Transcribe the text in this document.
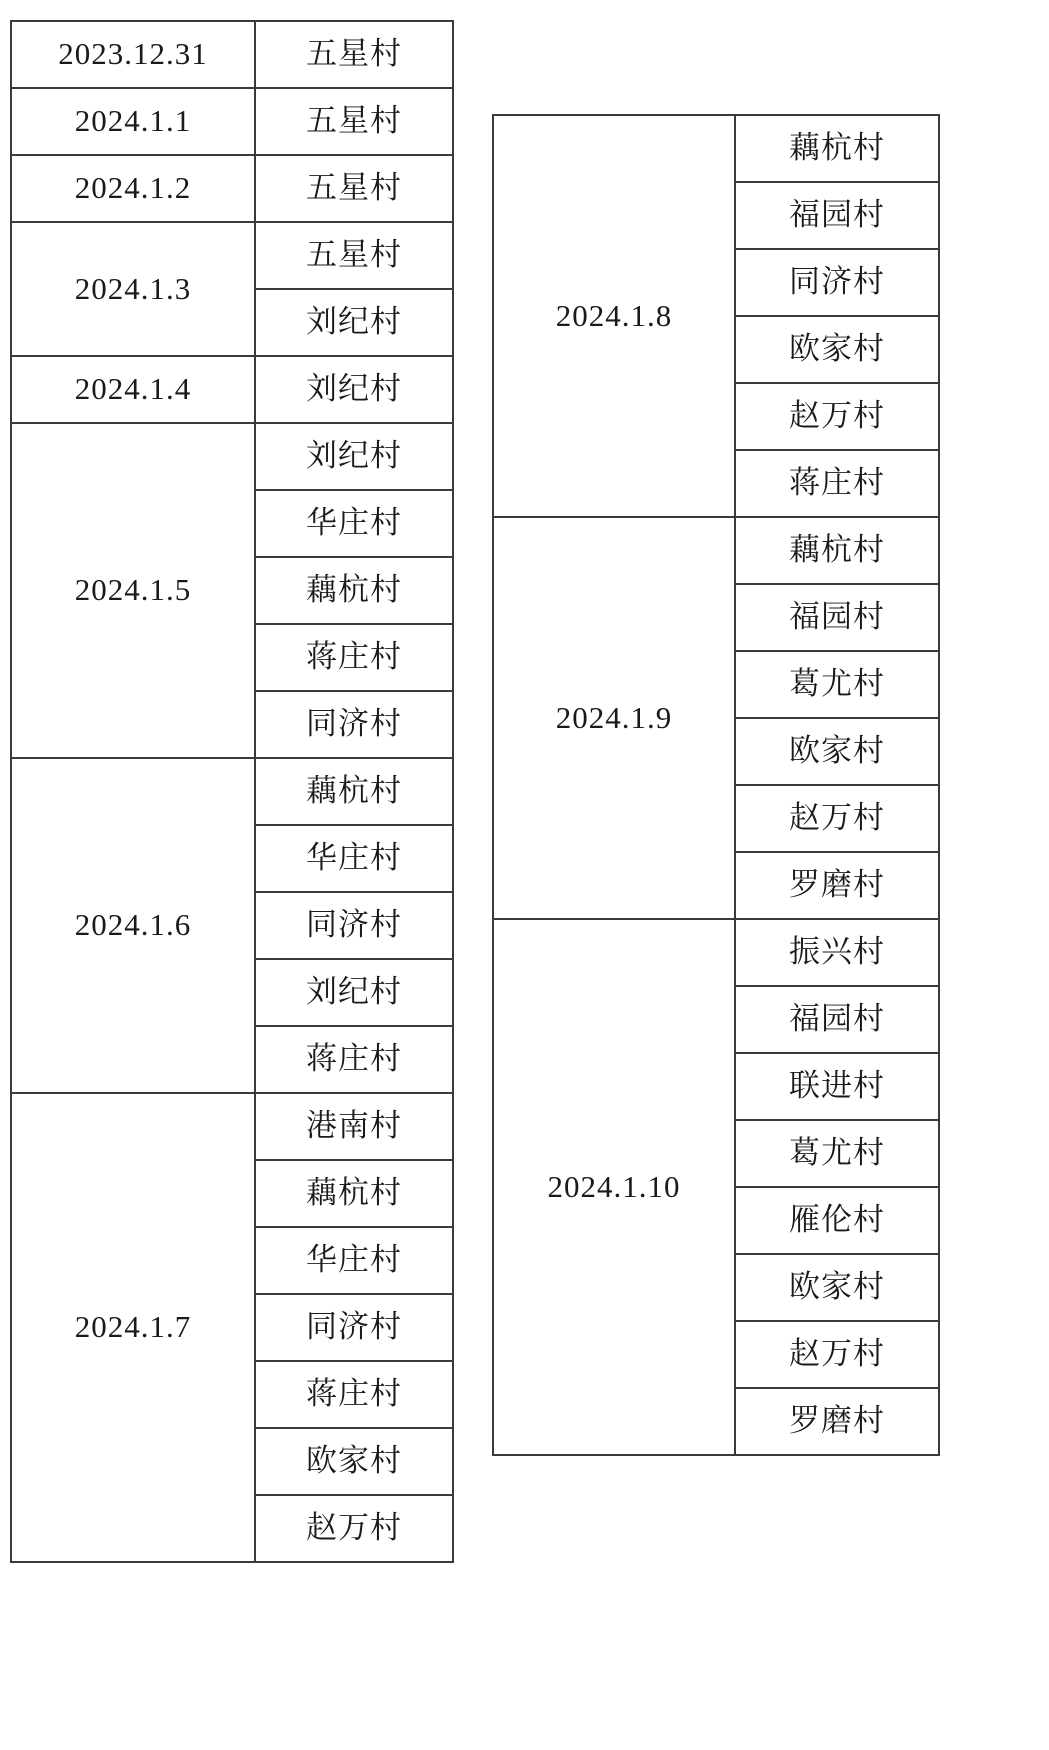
2023.12.31	五星村
2024.1.1	五星村
2024.1.2	五星村
2024.1.3	五星村
	刘纪村
2024.1.4	刘纪村
2024.1.5	刘纪村
	华庄村
	藕杭村
	蒋庄村
	同济村
2024.1.6	藕杭村
	华庄村
	同济村
	刘纪村
	蒋庄村
2024.1.7	港南村
	藕杭村
	华庄村
	同济村
	蒋庄村
	欧家村
	赵万村
2024.1.8	藕杭村
	福园村
	同济村
	欧家村
	赵万村
	蒋庄村
2024.1.9	藕杭村
	福园村
	葛尤村
	欧家村
	赵万村
	罗磨村
2024.1.10	振兴村
	福园村
	联进村
	葛尤村
	雁伦村
	欧家村
	赵万村
	罗磨村
